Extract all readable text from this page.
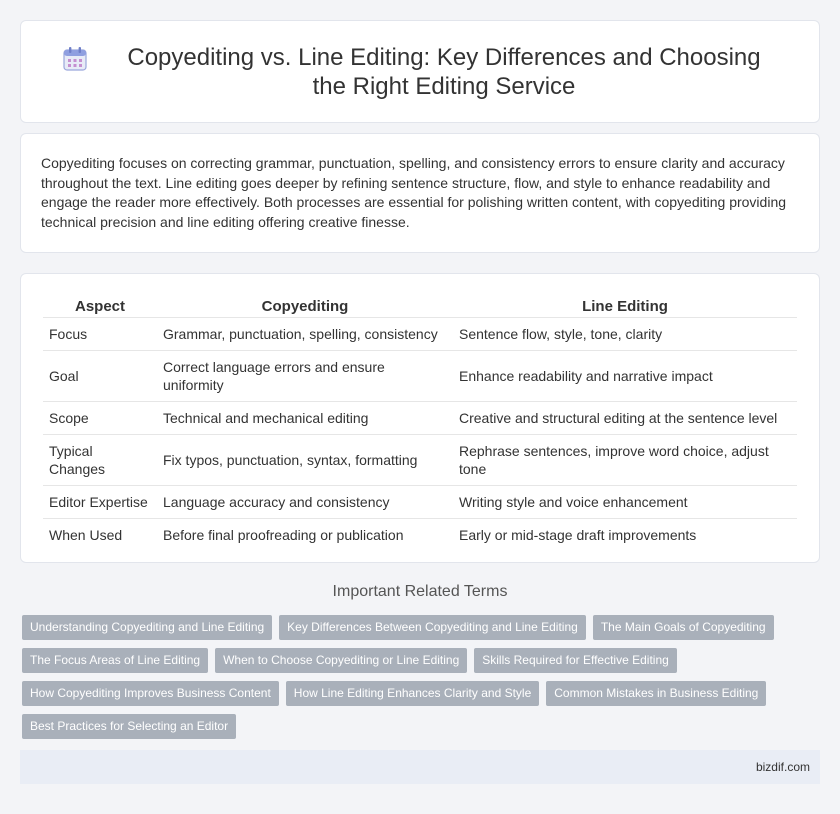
Copyediting vs. Line Editing: Key Differences and Choosing the Right Editing Service

Copyediting focuses on correcting grammar, punctuation, spelling, and consistency errors to ensure clarity and accuracy throughout the text. Line editing goes deeper by refining sentence structure, flow, and style to enhance readability and engage the reader more effectively. Both processes are essential for polishing written content, with copyediting providing technical precision and line editing offering creative finesse.

Aspect	Copyediting	Line Editing
Focus	Grammar, punctuation, spelling, consistency	Sentence flow, style, tone, clarity
Goal	Correct language errors and ensure uniformity	Enhance readability and narrative impact
Scope	Technical and mechanical editing	Creative and structural editing at the sentence level
Typical Changes	Fix typos, punctuation, syntax, formatting	Rephrase sentences, improve word choice, adjust tone
Editor Expertise	Language accuracy and consistency	Writing style and voice enhancement
When Used	Before final proofreading or publication	Early or mid-stage draft improvements
Important Related Terms
Understanding Copyediting and Line Editing	Key Differences Between Copyediting and Line Editing	The Main Goals of Copyediting
The Focus Areas of Line Editing	When to Choose Copyediting or Line Editing	Skills Required for Effective Editing
How Copyediting Improves Business Content	How Line Editing Enhances Clarity and Style	Common Mistakes in Business Editing
Best Practices for Selecting an Editor
bizdif.com
